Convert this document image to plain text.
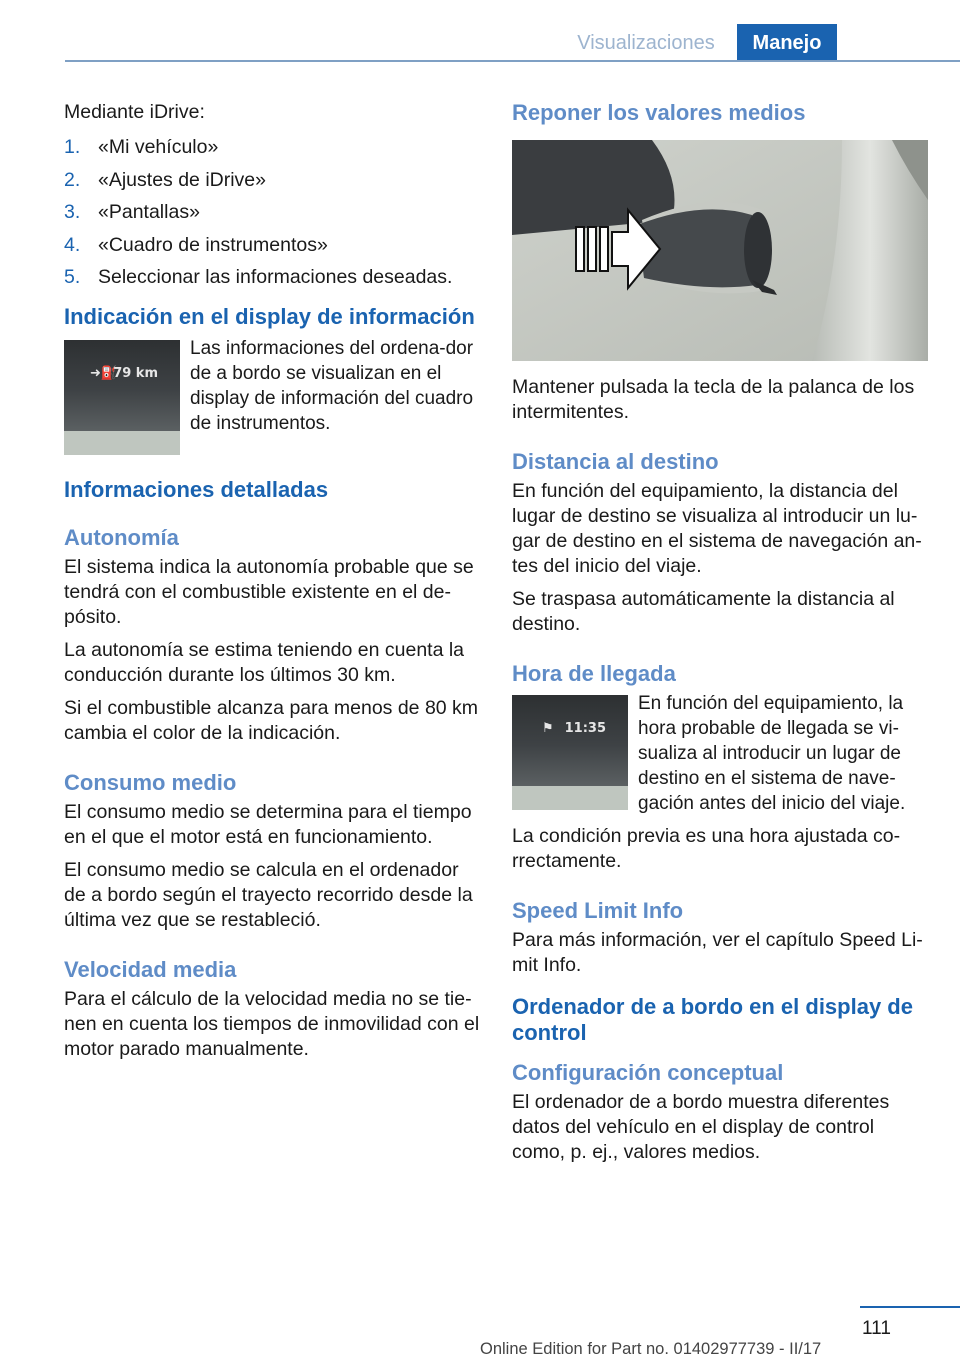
Visualizaciones	Manejo

Mediante iDrive:

1. «Mi vehículo»
2. «Ajustes de iDrive»
3. «Pantallas»
4. «Cuadro de instrumentos»
5. Seleccionar las informaciones deseadas.
Indicación en el display de información
➜⛽
79 km

Las informaciones del ordena‐dor de a bordo se visualizan en el display de información del cuadro de instrumentos.

Informaciones detalladas
Autonomía

El sistema indica la autonomía probable que se tendrá con el combustible existente en el de‐pósito.

La autonomía se estima teniendo en cuenta la conducción durante los últimos 30 km.

Si el combustible alcanza para menos de 80 km cambia el color de la indicación.

Consumo medio

El consumo medio se determina para el tiempo en el que el motor está en funcionamiento.

El consumo medio se calcula en el ordenador de a bordo según el trayecto recorrido desde la última vez que se restableció.

Velocidad media

Para el cálculo de la velocidad media no se tie‐nen en cuenta los tiempos de inmovilidad con el motor parado manualmente.

Reponer los valores medios

Mantener pulsada la tecla de la palanca de los intermitentes.

Distancia al destino

En función del equipamiento, la distancia del lugar de destino se visualiza al introducir un lu‐gar de destino en el sistema de navegación an‐tes del inicio del viaje.

Se traspasa automáticamente la distancia al destino.

Hora de llegada
⚑ 11:35

En función del equipamiento, la hora probable de llegada se vi‐sualiza al introducir un lugar de destino en el sistema de nave‐gación antes del inicio del viaje.

La condición previa es una hora ajustada co‐rrectamente.

Speed Limit Info

Para más información, ver el capítulo Speed Li‐mit Info.

Ordenador de a bordo en el display de control
Configuración conceptual

El ordenador de a bordo muestra diferentes datos del vehículo en el display de control como, p. ej., valores medios.

111
Online Edition for Part no. 01402977739 - II/17
